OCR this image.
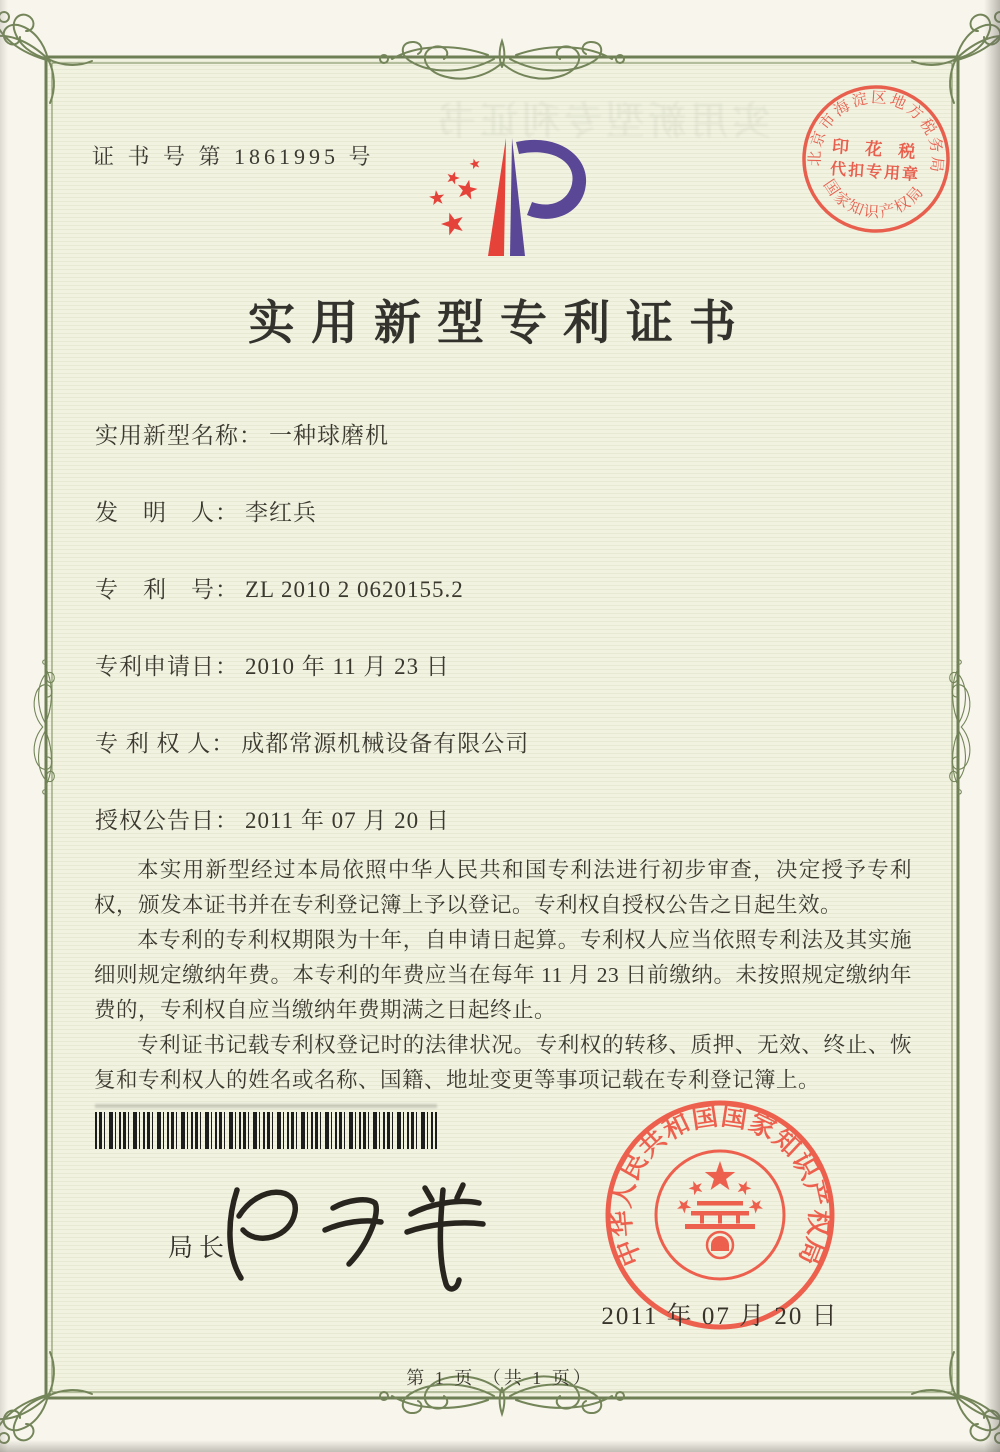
实用新型专利证书
证 书 号 第 1861995 号	北京市海淀区地方税务局
印 花 税
代扣专用章
国家知识产权局
实用新型专利证书
实用新型名称： 一种球磨机
发　明　人： 李红兵
专　利　号： ZL 2010 2 0620155.2
专利申请日： 2010 年 11 月 23 日
专 利 权 人： 成都常源机械设备有限公司
授权公告日： 2011 年 07 月 20 日

本实用新型经过本局依照中华人民共和国专利法进行初步审查，决定授予专利权，颁发本证书并在专利登记簿上予以登记。专利权自授权公告之日起生效。

本专利的专利权期限为十年，自申请日起算。专利权人应当依照专利法及其实施细则规定缴纳年费。本专利的年费应当在每年 11 月 23 日前缴纳。未按照规定缴纳年费的，专利权自应当缴纳年费期满之日起终止。

专利证书记载专利权登记时的法律状况。专利权的转移、质押、无效、终止、恢复和专利权人的姓名或名称、国籍、地址变更等事项记载在专利登记簿上。

局长	中华人民共和国国家知识产权局
2011 年 07 月 20 日
第 1 页 （共 1 页）
